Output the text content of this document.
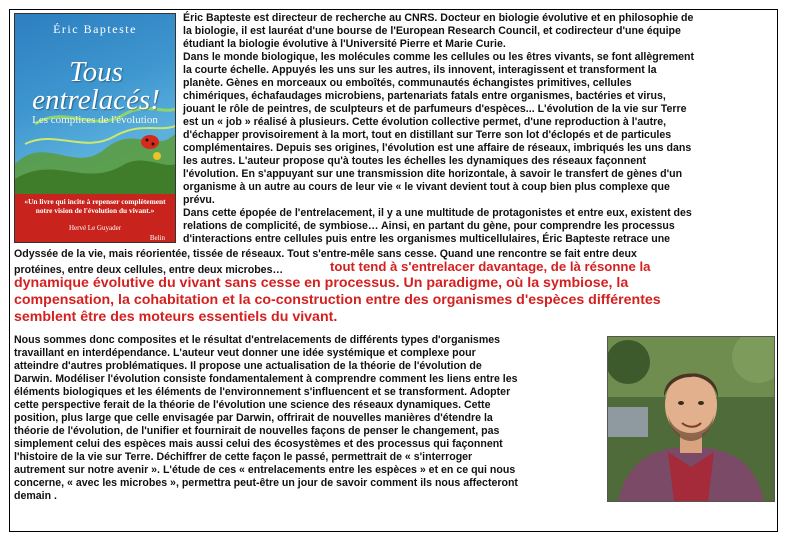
Éric Bapteste
Tous
entrelacés!
Les complices de l'évolution
«Un livre qui incite à repenser complètement notre vision de l'évolution du vivant.»
Hervé Le Guyader
Belin

Éric Bapteste est directeur de recherche au CNRS. Docteur en biologie évolutive et en philosophie de

la biologie, il est lauréat d'une bourse de l'European Research Council, et codirecteur d'une équipe

étudiant la biologie évolutive à l'Université Pierre et Marie Curie.

Dans le monde biologique, les molécules comme les cellules ou les êtres vivants, se font allègrement

la courte échelle. Appuyés les uns sur les autres, ils innovent, interagissent et transforment la

planète. Gènes en morceaux ou emboîtés, communautés échangistes primitives, cellules

chimériques, échafaudages microbiens, partenariats fatals entre organismes, bactéries et virus,

jouant le rôle de peintres, de sculpteurs et de parfumeurs d'espèces... L'évolution de la vie sur Terre

est un « job » réalisé à plusieurs. Cette évolution collective permet, d'une reproduction à l'autre,

d'échapper provisoirement à la mort, tout en distillant sur Terre son lot d'éclopés et de particules

complémentaires. Depuis ses origines, l'évolution est une affaire de réseaux, imbriqués les uns dans

les autres. L'auteur propose qu'à toutes les échelles les dynamiques des réseaux façonnent

l'évolution. En s'appuyant sur une transmission dite horizontale, à savoir le transfert de gènes d'un

organisme à un autre au cours de leur vie « le vivant devient tout à coup bien plus complexe que

prévu.

Dans cette épopée de l'entrelacement, il y a une multitude de protagonistes et entre eux, existent des

relations de complicité, de symbiose… Ainsi, en partant du gène, pour comprendre les processus

d'interactions entre cellules puis entre les organismes multicellulaires, Éric Bapteste retrace une

Odyssée de la vie, mais réorientée, tissée de réseaux. Tout s'entre-mêle sans cesse. Quand une rencontre se fait entre deux

protéines, entre deux cellules, entre deux microbes…	tout tend à s'entrelacer davantage, de là résonne la

dynamique évolutive du vivant sans cesse en processus. Un paradigme, où la symbiose, la

compensation, la cohabitation et la co-construction entre des organismes d'espèces différentes

semblent être des moteurs essentiels du vivant.

Nous sommes donc composites et le résultat d'entrelacements de différents types d'organismes

travaillant en interdépendance. L'auteur veut donner une idée systémique et complexe pour

atteindre d'autres problématiques. Il propose une actualisation de la théorie de l'évolution de

Darwin. Modéliser l'évolution consiste fondamentalement à comprendre comment les liens entre les

éléments biologiques et les éléments de l'environnement s'influencent et se transforment. Adopter

cette perspective ferait de la théorie de l'évolution une science des réseaux dynamiques. Cette

position, plus large que celle envisagée par Darwin, offrirait de nouvelles manières d'étendre la

théorie de l'évolution, de l'unifier et fournirait de nouvelles façons de penser le changement, pas

simplement celui des espèces mais aussi celui des écosystèmes et des processus qui façonnent

l'histoire de la vie sur Terre. Déchiffrer de cette façon le passé, permettrait de « s'interroger

autrement sur notre avenir ». L'étude de ces « entrelacements entre les espèces » et en ce qui nous

concerne, « avec les microbes », permettra peut-être un jour de savoir comment ils nous affecteront

demain .
